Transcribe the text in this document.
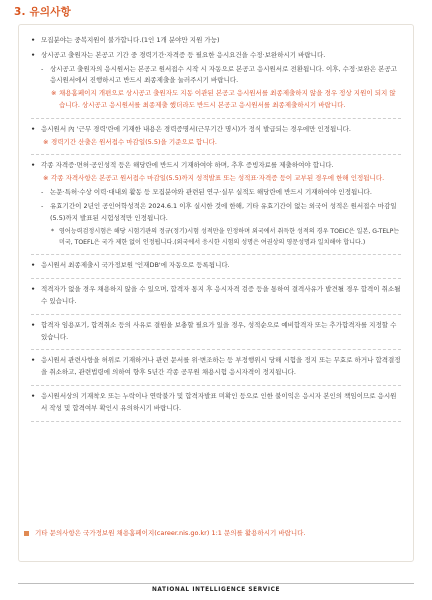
3. 유의사항
• 모집분야는 중복지원이 불가합니다.(1인 1개 분야만 지원 가능)
• 상시공고 출원자는 본공고 기간 중 경력기간·자격증 등 필요한 응시요건을 수정·보완하시기 바랍니다.
-	상시공고 출원자의 응시원서는 본공고 원서접수 시작 시 자동으로 본공고 응시원서로 전환됩니다. 이후, 수정·보완은 본공고 응시원서에서 진행하시고 반드시 최종제출을 눌러주시기 바랍니다.
※ 채용홈페이지 개편으로 상시공고 출원자도 지동 이관된 본공고 응시원서를 최종제출하지 않을 경우 정상 지원이 되지 않습니다. 상시공고 응시원서를 최종제출 했더라도 반드시 본공고 응시원서를 최종제출하시기 바랍니다.
• 응시원서 內 '근무 경력'란에 기재한 내용은 경력증명서(근무기간 명시)가 정식 발급되는 경우에만 인정됩니다.
※ 경력기간 산출은 원서접수 마감일(5.5)을 기준으로 합니다.
• 각종 자격증·면허·공인성적 등은 해당란에 반드시 기재하여야 하며, 추후 증빙자료를 제출하여야 합니다.
※ 각종 자격사항은 본공고 원서접수 마감일(5.5)까지 성적발표 또는 성적표·자격증 등이 교부된 경우에 한해 인정됩니다.
-	논문·특허·수상 이력·대내외 활동 등 모집분야와 관련된 연구·실무 실적도 해당란에 반드시 기재하여야 인정됩니다.
-	유효기간이 2년인 공인어학성적은 2024.6.1 이후 실시한 것에 한해, 기타 유효기간이 없는 외국어 성적은 원서접수 마감일(5.5)까지 발표된 시험성적만 인정됩니다.
* 영어능력검정시험은 해당 시험기관의 정규(정기)시험 성적만을 인정하며 외국에서 취득한 성적의 경우 TOEIC은 일본, G-TELP는 미국, TOEFL은 국가 제한 없이 인정됩니다.(외국에서 응시한 시험의 성명은 여권상의 영문성명과 일치해야 합니다.)
• 응시원서 최종제출시 국가정보원 '인재DB'에 자동으로 등록됩니다.
• 적격자가 없을 경우 채용하지 않을 수 있으며, 합격자 통지 후 응시자격 검증 등을 통하여 결격사유가 발견될 경우 합격이 취소될 수 있습니다.
• 합격자 임용포기, 합격취소 등의 사유로 결원을 보충할 필요가 있을 경우, 성적순으로 예비합격자 또는 추가합격자를 지정할 수 있습니다.
• 응시원서 관련사항을 허위로 기재하거나 관련 문서를 위·변조하는 등 부정행위시 당해 시험을 정지 또는 무효로 하거나 합격결정을 취소하고, 관련법령에 의하여 향후 5년간 각종 공무원 채용시험 응시자격이 정지됩니다.
• 응시원서상의 기재착오 또는 누락이나 연락불가 및 합격자발표 미확인 등으로 인한 불이익은 응시자 본인의 책임이므로 응시원서 작성 및 합격여부 확인시 유의하시기 바랍니다.
기타 문의사항은 국가정보원 채용홈페이지(career.nis.go.kr) 1:1 문의를 활용하시기 바랍니다.
NATIONAL INTELLIGENCE SERVICE
